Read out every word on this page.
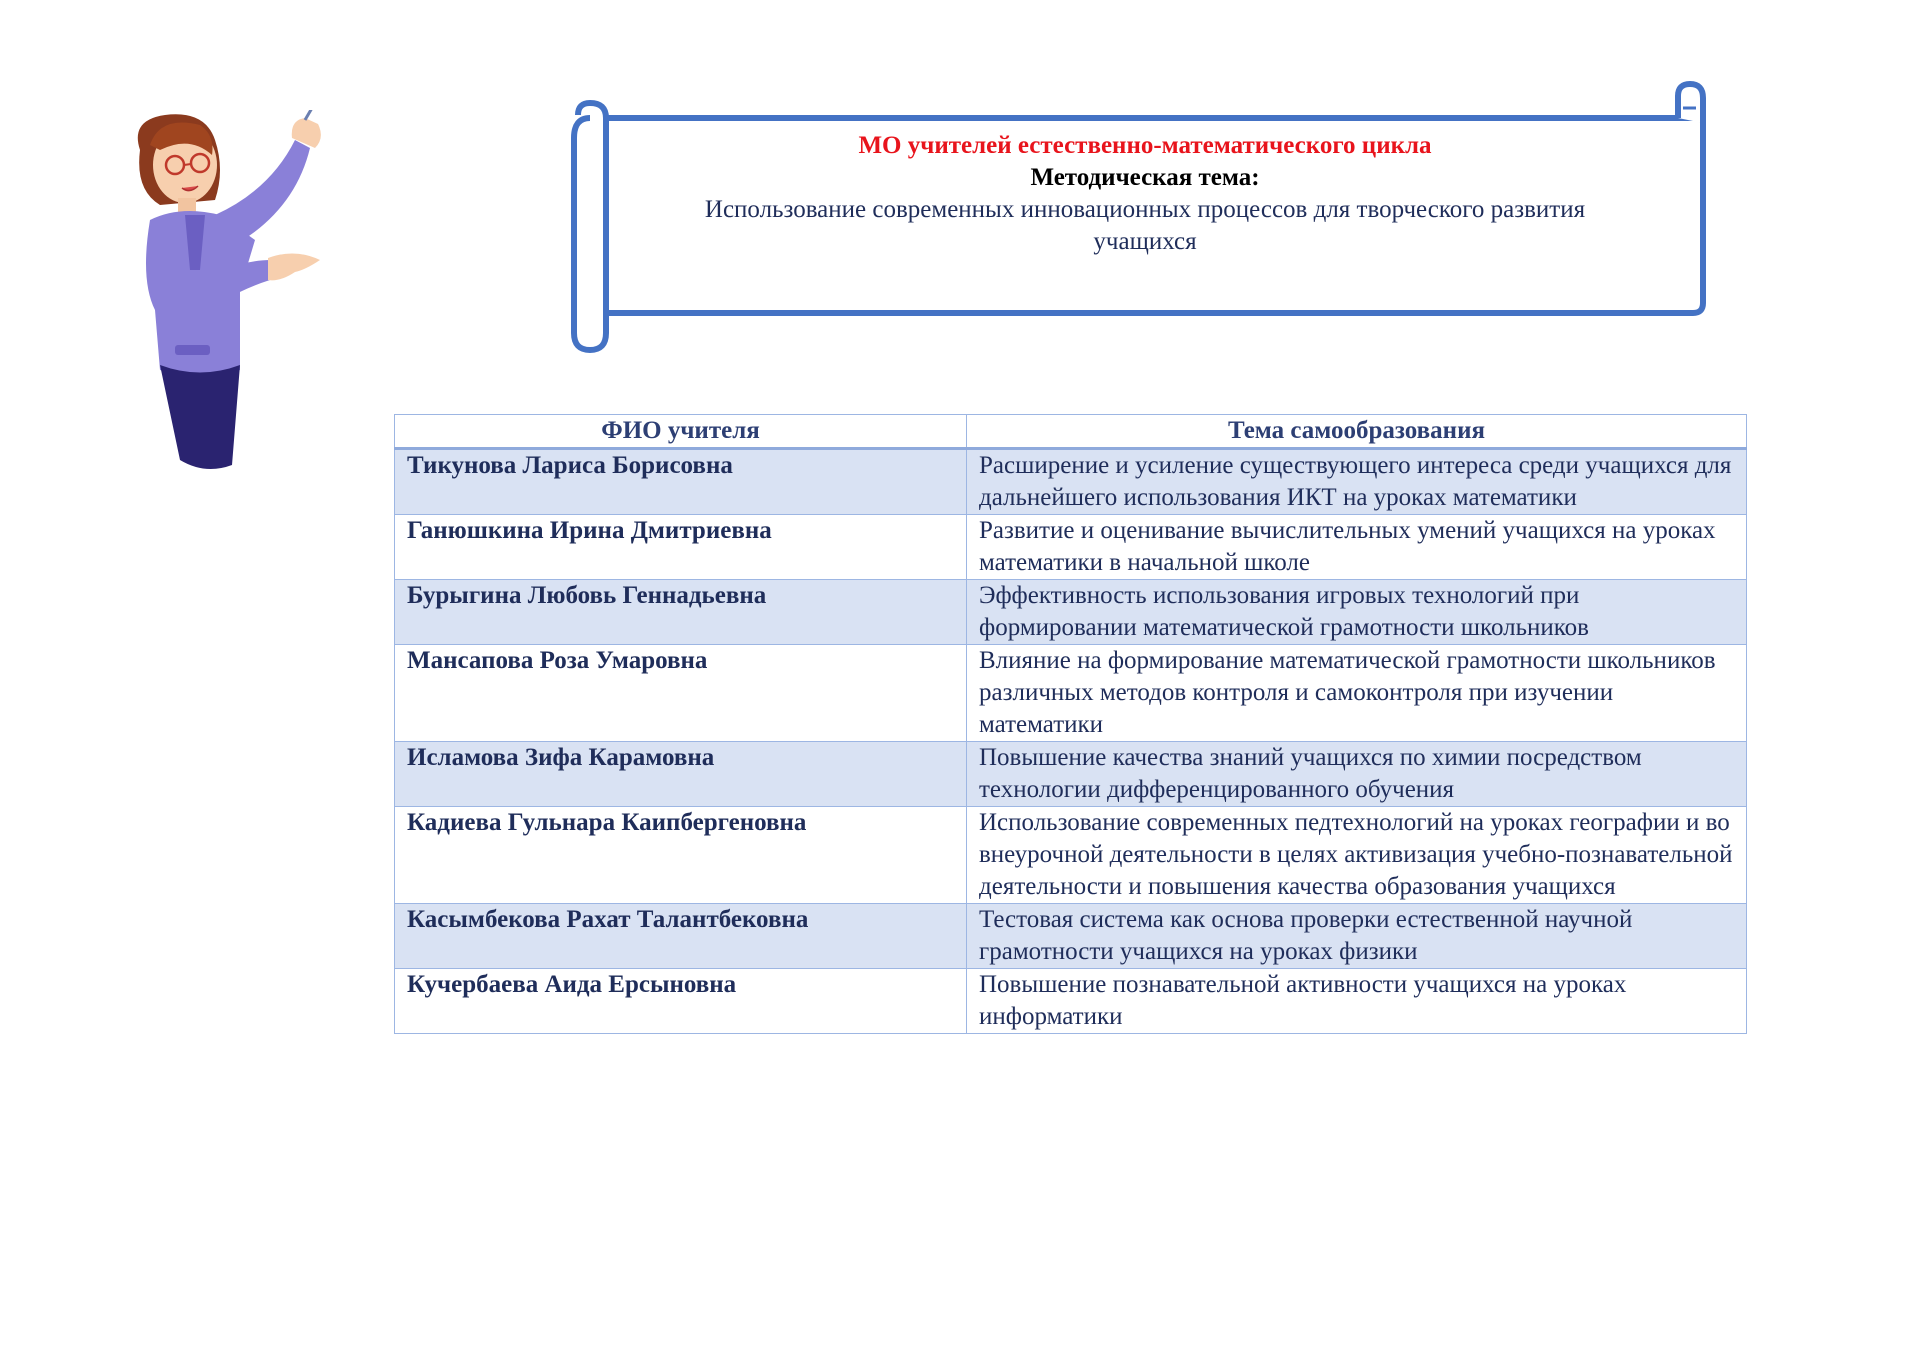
МО учителей естественно-математического цикла
Методическая тема:
Использование современных инновационных процессов для творческого развития
учащихся
ФИО учителя	Тема самообразования
Тикунова Лариса Борисовна	Расширение и усиление существующего интереса среди учащихся для дальнейшего использования ИКТ на уроках математики
Ганюшкина Ирина Дмитриевна	Развитие и оценивание вычислительных умений учащихся на уроках математики в начальной школе
Бурыгина Любовь Геннадьевна	Эффективность использования игровых технологий при формировании математической грамотности школьников
Мансапова Роза Умаровна	Влияние на формирование математической грамотности школьников различных методов контроля и самоконтроля при изучении математики
Исламова Зифа Карамовна	Повышение качества знаний учащихся по химии посредством технологии дифференцированного обучения
Кадиева Гульнара Каипбергеновна	Использование современных педтехнологий на уроках географии и во внеурочной деятельности в целях активизация учебно-познавательной деятельности и повышения качества образования учащихся
Касымбекова Рахат Талантбековна	Тестовая система как основа проверки естественной научной грамотности учащихся на уроках физики
Кучербаева Аида Ерсыновна	Повышение познавательной активности учащихся на уроках информатики
